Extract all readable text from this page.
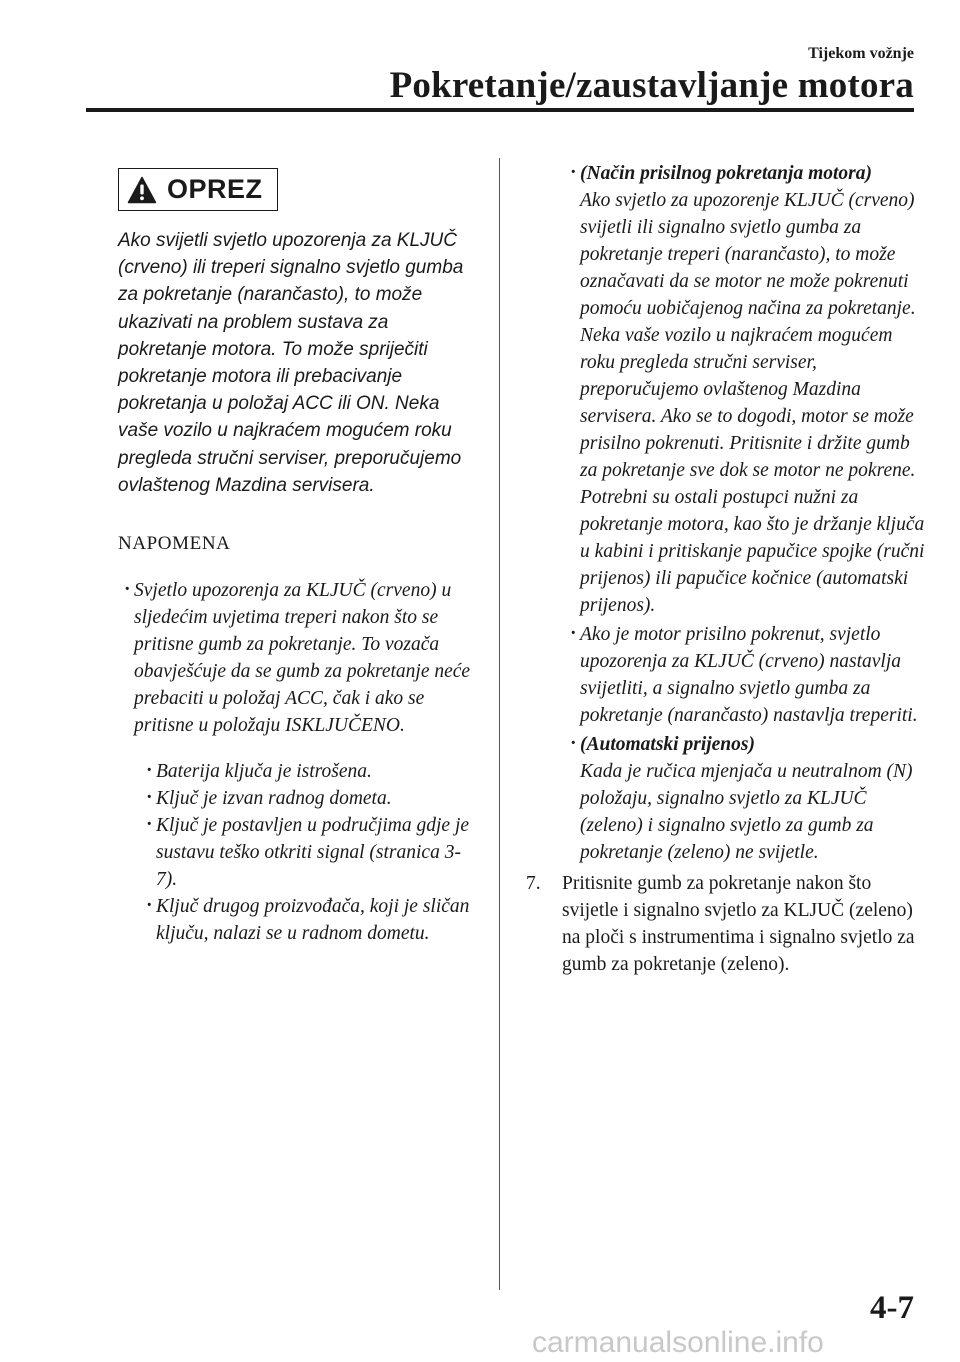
Tijekom vožnje
Pokretanje/zaustavljanje motora
OPREZ
Ako svijetli svjetlo upozorenja za KLJUČ (crveno) ili treperi signalno svjetlo gumba za pokretanje (narančasto), to može ukazivati na problem sustava za pokretanje motora. To može spriječiti pokretanje motora ili prebacivanje pokretanja u položaj ACC ili ON. Neka vaše vozilo u najkraćem mogućem roku pregleda stručni serviser, preporučujemo ovlaštenog Mazdina servisera.
NAPOMENA
· Svjetlo upozorenja za KLJUČ (crveno) u sljedećim uvjetima treperi nakon što se pritisne gumb za pokretanje. To vozača obavješćuje da se gumb za pokretanje neće prebaciti u položaj ACC, čak i ako se pritisne u položaju ISKLJUČENO.
· Baterija ključa je istrošena.
· Ključ je izvan radnog dometa.
· Ključ je postavljen u područjima gdje je sustavu teško otkriti signal (stranica 3-7).
· Ključ drugog proizvođača, koji je sličan ključu, nalazi se u radnom dometu.
· (Način prisilnog pokretanja motora)
Ako svjetlo za upozorenje KLJUČ (crveno) svijetli ili signalno svjetlo gumba za pokretanje treperi (narančasto), to može označavati da se motor ne može pokrenuti pomoću uobičajenog načina za pokretanje. Neka vaše vozilo u najkraćem mogućem roku pregleda stručni serviser, preporučujemo ovlaštenog Mazdina servisera. Ako se to dogodi, motor se može prisilno pokrenuti. Pritisnite i držite gumb za pokretanje sve dok se motor ne pokrene. Potrebni su ostali postupci nužni za pokretanje motora, kao što je držanje ključa u kabini i pritiskanje papučice spojke (ručni prijenos) ili papučice kočnice (automatski prijenos).
· Ako je motor prisilno pokrenut, svjetlo upozorenja za KLJUČ (crveno) nastavlja svijetliti, a signalno svjetlo gumba za pokretanje (narančasto) nastavlja treperiti.
· (Automatski prijenos)
Kada je ručica mjenjača u neutralnom (N) položaju, signalno svjetlo za KLJUČ (zeleno) i signalno svjetlo za gumb za pokretanje (zeleno) ne svijetle.
7.	Pritisnite gumb za pokretanje nakon što svijetle i signalno svjetlo za KLJUČ (zeleno) na ploči s instrumentima i signalno svjetlo za gumb za pokretanje (zeleno).
4-7
carmanualsonline.info
